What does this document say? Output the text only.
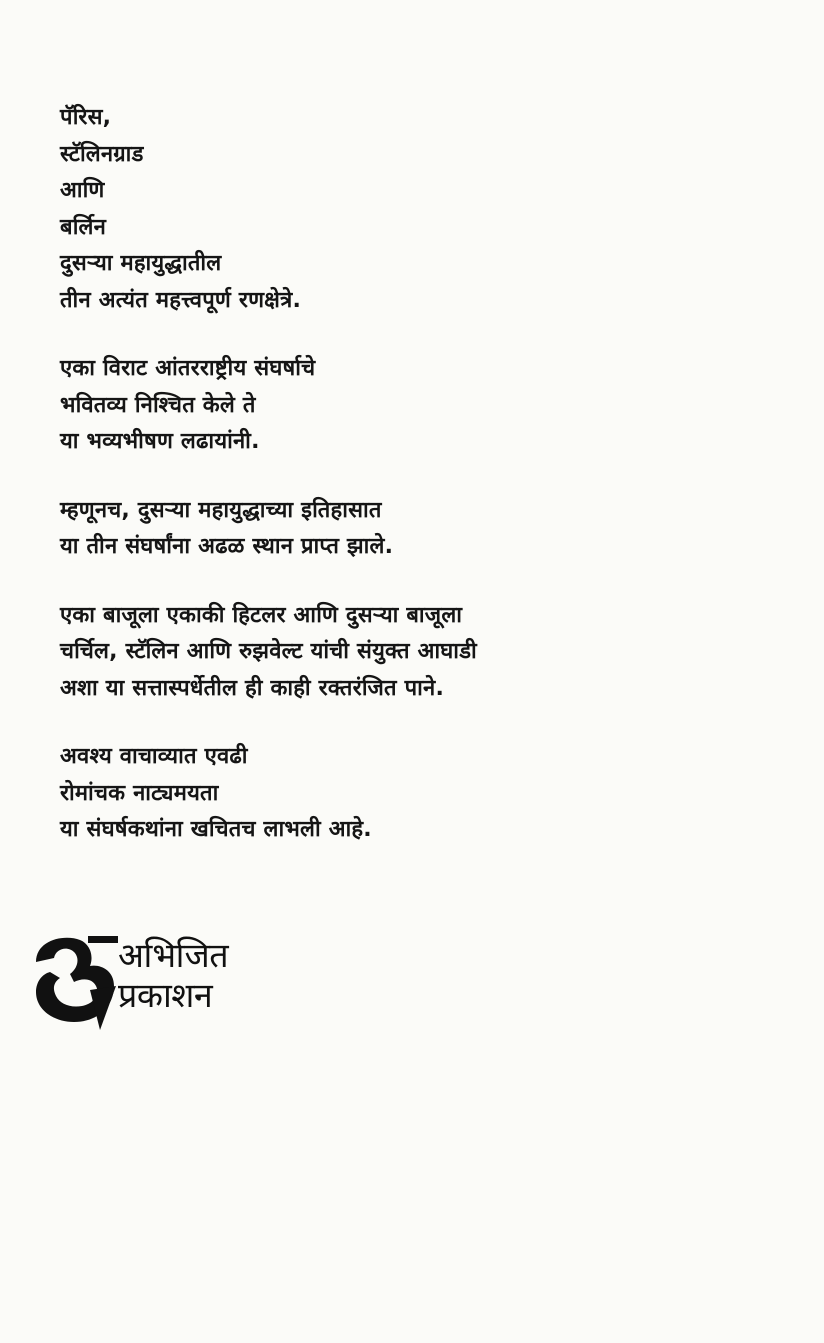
पॅरिस,
स्टॅलिनग्राड
आणि
बर्लिन
दुसऱ्या महायुद्धातील
तीन अत्यंत महत्त्वपूर्ण रणक्षेत्रे.
एका विराट आंतरराष्ट्रीय संघर्षाचे
भवितव्य निश्चित केले ते
या भव्यभीषण लढायांनी.
म्हणूनच, दुसऱ्या महायुद्धाच्या इतिहासात
या तीन संघर्षांना अढळ स्थान प्राप्त झाले.
एका बाजूला एकाकी हिटलर आणि दुसऱ्या बाजूला
चर्चिल, स्टॅलिन आणि रुझवेल्ट यांची संयुक्त आघाडी
अशा या सत्तास्पर्धेतील ही काही रक्तरंजित पाने.
अवश्य वाचाव्यात एवढी
रोमांचक नाट्यमयता
या संघर्षकथांना खचितच लाभली आहे.
अभिजित
प्रकाशन
